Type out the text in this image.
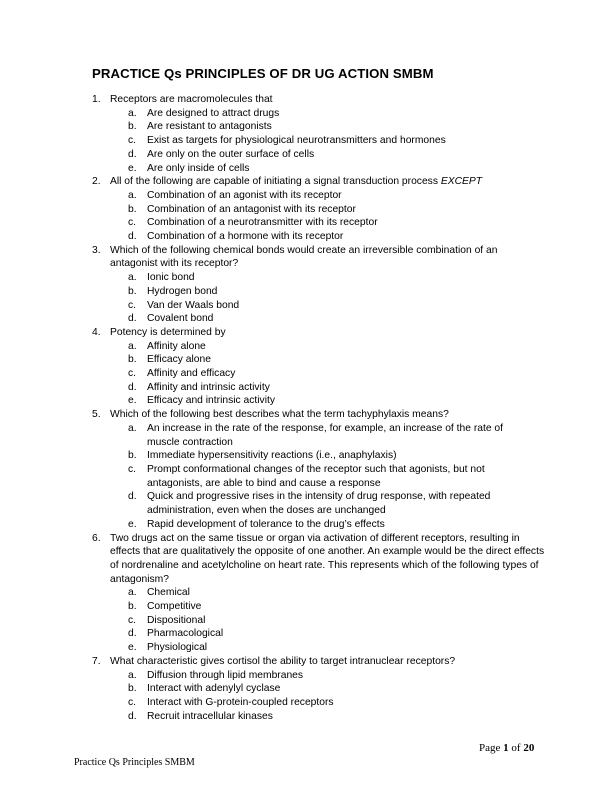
PRACTICE Qs PRINCIPLES OF DR UG ACTION SMBM
1. Receptors are macromolecules that
a. Are designed to attract drugs
b. Are resistant to antagonists
c. Exist as targets for physiological neurotransmitters and hormones
d. Are only on the outer surface of cells
e. Are only inside of cells
2. All of the following are capable of initiating a signal transduction process EXCEPT
a. Combination of an agonist with its receptor
b. Combination of an antagonist with its receptor
c. Combination of a neurotransmitter with its receptor
d. Combination of a hormone with its receptor
3. Which of the following chemical bonds would create an irreversible combination of an antagonist with its receptor?
a. Ionic bond
b. Hydrogen bond
c. Van der Waals bond
d. Covalent bond
4. Potency is determined by
a. Affinity alone
b. Efficacy alone
c. Affinity and efficacy
d. Affinity and intrinsic activity
e. Efficacy and intrinsic activity
5. Which of the following best describes what the term tachyphylaxis means?
a. An increase in the rate of the response, for example, an increase of the rate of muscle contraction
b. Immediate hypersensitivity reactions (i.e., anaphylaxis)
c. Prompt conformational changes of the receptor such that agonists, but not antagonists, are able to bind and cause a response
d. Quick and progressive rises in the intensity of drug response, with repeated administration, even when the doses are unchanged
e. Rapid development of tolerance to the drug’s effects
6. Two drugs act on the same tissue or organ via activation of different receptors, resulting in effects that are qualitatively the opposite of one another. An example would be the direct effects of nordrenaline and acetylcholine on heart rate. This represents which of the following types of antagonism?
a. Chemical
b. Competitive
c. Dispositional
d. Pharmacological
e. Physiological
7. What characteristic gives cortisol the ability to target intranuclear receptors?
a. Diffusion through lipid membranes
b. Interact with adenylyl cyclase
c. Interact with G-protein-coupled receptors
d. Recruit intracellular kinases
Page 1 of 20
Practice Qs Principles SMBM
